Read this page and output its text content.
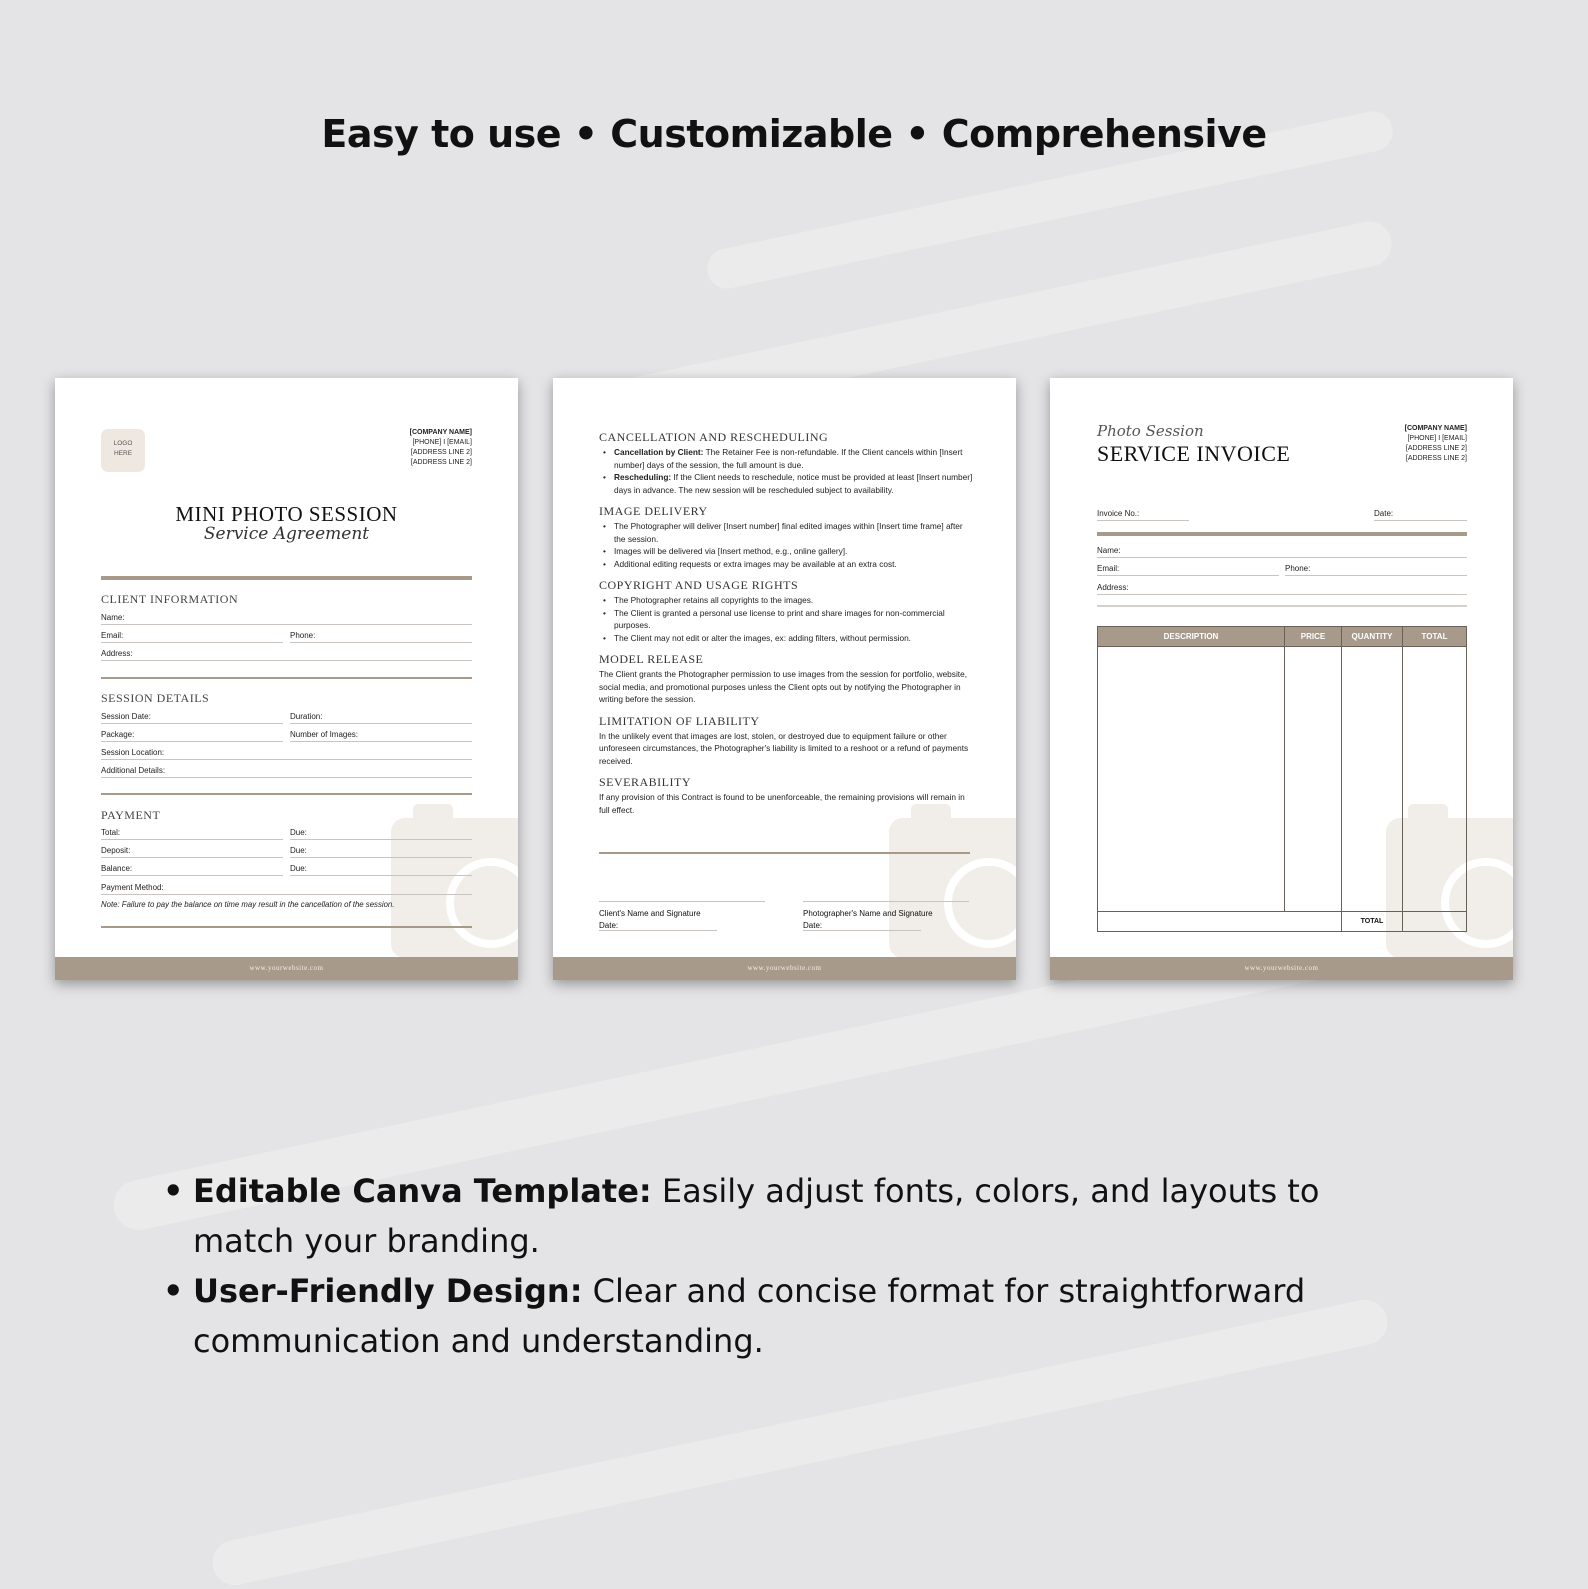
Easy to use • Customizable • Comprehensive
LOGO HERE
[COMPANY NAME]
[PHONE] I [EMAIL]
[ADDRESS LINE 2]
[ADDRESS LINE 2]
MINI PHOTO SESSION
Service Agreement
CLIENT INFORMATION
Name:
Email:	Phone:
Address:
SESSION DETAILS
Session Date:	Duration:
Package:	Number of Images:
Session Location:
Additional Details:
PAYMENT
Total:	Due:
Deposit:	Due:
Balance:	Due:
Payment Method:
Note: Failure to pay the balance on time may result in the cancellation of the session.
www.yourwebsite.com
CANCELLATION AND RESCHEDULING
• Cancellation by Client: The Retainer Fee is non-refundable. If the Client cancels within [Insert number] days of the session, the full amount is due.
• Rescheduling: If the Client needs to reschedule, notice must be provided at least [Insert number] days in advance. The new session will be rescheduled subject to availability.
IMAGE DELIVERY
• The Photographer will deliver [Insert number] final edited images within [Insert time frame] after the session.
• Images will be delivered via [Insert method, e.g., online gallery].
• Additional editing requests or extra images may be available at an extra cost.
COPYRIGHT AND USAGE RIGHTS
• The Photographer retains all copyrights to the images.
• The Client is granted a personal use license to print and share images for non-commercial purposes.
• The Client may not edit or alter the images, ex: adding filters, without permission.
MODEL RELEASE

The Client grants the Photographer permission to use images from the session for portfolio, website, social media, and promotional purposes unless the Client opts out by notifying the Photographer in writing before the session.

LIMITATION OF LIABILITY

In the unlikely event that images are lost, stolen, or destroyed due to equipment failure or other unforeseen circumstances, the Photographer's liability is limited to a reshoot or a refund of payments received.

SEVERABILITY

If any provision of this Contract is found to be unenforceable, the remaining provisions will remain in full effect.

Client's Name and Signature	Photographer's Name and Signature
Date:	Date:
www.yourwebsite.com
Photo Session
SERVICE INVOICE
[COMPANY NAME]
[PHONE] I [EMAIL]
[ADDRESS LINE 2]
[ADDRESS LINE 2]
Invoice No.:	Date:
Name:
Email:	Phone:
Address:
DESCRIPTION	PRICE	QUANTITY	TOTAL

		TOTAL	
www.yourwebsite.com
• Editable Canva Template: Easily adjust fonts, colors, and layouts to match your branding.
• User-Friendly Design: Clear and concise format for straightforward communication and understanding.
